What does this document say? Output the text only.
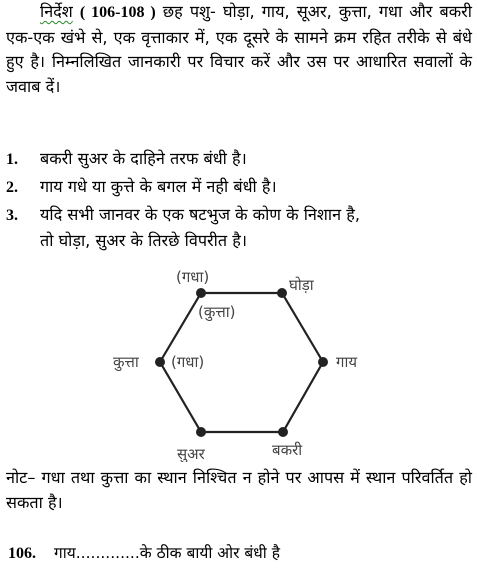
निर्देश ( 106-108 ) छह पशु- घोड़ा, गाय, सूअर, कुत्ता, गधा और बकरी एक-एक खंभे से, एक वृत्ताकार में, एक दूसरे के सामने क्रम रहित तरीके से बंधे हुए है। निम्नलिखित जानकारी पर विचार करें और उस पर आधारित सवालों के जवाब दें।
1. बकरी सुअर के दाहिने तरफ बंधी है।
2. गाय गधे या कुत्ते के बगल में नही बंधी है।
3. यदि सभी जानवर के एक षटभुज के कोण के निशान है,
तो घोड़ा, सुअर के तिरछे विपरीत है।
(गधा)
(कुत्ता)
घोड़ा
गाय
कुत्ता (गधा)
सुअर	बकरी
नोट– गधा तथा कुत्ता का स्थान निश्चित न होने पर आपस में स्थान परिवर्तित हो सकता है।
106. गाय.............के ठीक बायी ओर बंधी है
